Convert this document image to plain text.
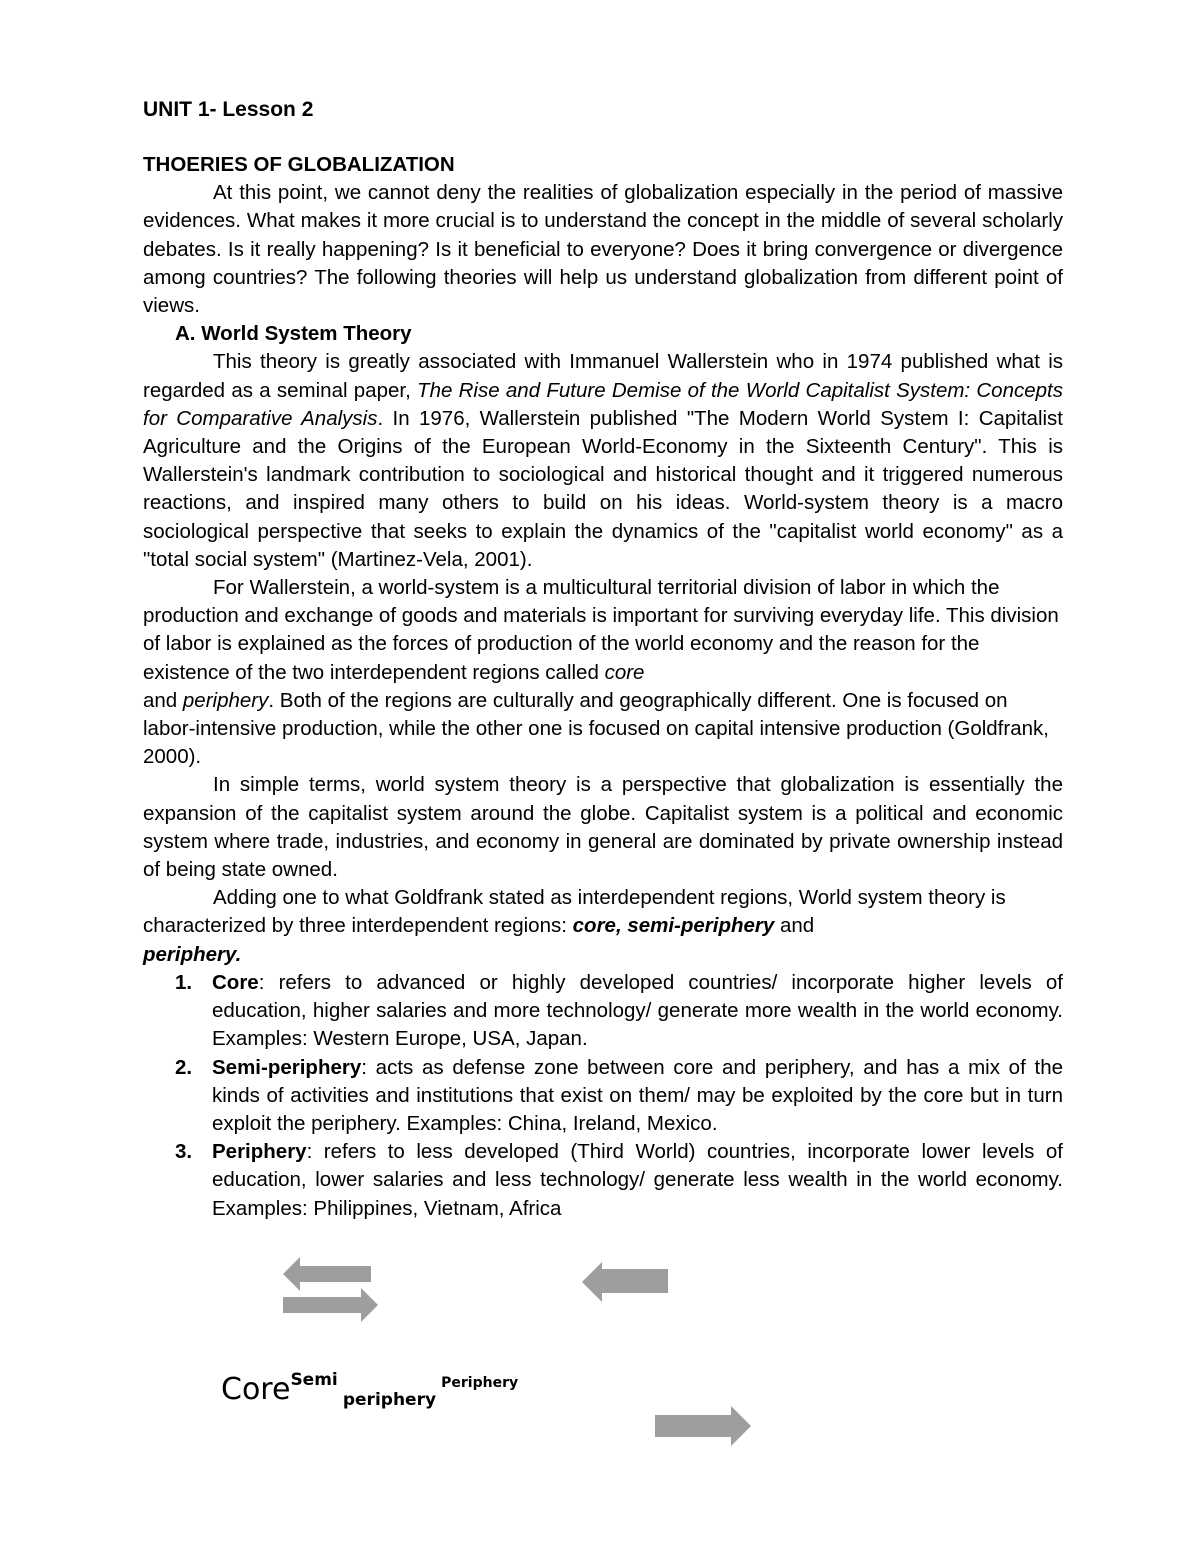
UNIT 1- Lesson 2

THOERIES OF GLOBALIZATION

At this point, we cannot deny the realities of globalization especially in the period of massive evidences. What makes it more crucial is to understand the concept in the middle of several scholarly debates. Is it really happening? Is it beneficial to everyone? Does it bring convergence or divergence among countries? The following theories will help us understand globalization from different point of views.

A. World System Theory

This theory is greatly associated with Immanuel Wallerstein who in 1974 published what is regarded as a seminal paper, The Rise and Future Demise of the World Capitalist System: Concepts for Comparative Analysis. In 1976, Wallerstein published "The Modern World System I: Capitalist Agriculture and the Origins of the European World-Economy in the Sixteenth Century". This is Wallerstein's landmark contribution to sociological and historical thought and it triggered numerous reactions, and inspired many others to build on his ideas. World-system theory is a macro sociological perspective that seeks to explain the dynamics of the "capitalist world economy" as a "total social system" (Martinez-Vela, 2001).

For Wallerstein, a world-system is a multicultural territorial division of labor in which the production and exchange of goods and materials is important for surviving everyday life. This division of labor is explained as the forces of production of the world economy and the reason for the existence of the two interdependent regions called core
and periphery. Both of the regions are culturally and geographically different. One is focused on labor-intensive production, while the other one is focused on capital intensive production (Goldfrank, 2000).

In simple terms, world system theory is a perspective that globalization is essentially the expansion of the capitalist system around the globe. Capitalist system is a political and economic system where trade, industries, and economy in general are dominated by private ownership instead of being state owned.

Adding one to what Goldfrank stated as interdependent regions, World system theory is characterized by three interdependent regions: core, semi-periphery and
periphery.

1. Core: refers to advanced or highly developed countries/ incorporate higher levels of education, higher salaries and more technology/ generate more wealth in the world economy. Examples: Western Europe, USA, Japan.
2. Semi-periphery: acts as defense zone between core and periphery, and has a mix of the kinds of activities and institutions that exist on them/ may be exploited by the core but in turn exploit the periphery. Examples: China, Ireland, Mexico.
3. Periphery: refers to less developed (Third World) countries, incorporate lower levels of education, lower salaries and less technology/ generate less wealth in the world economy. Examples: Philippines, Vietnam, Africa
CoreSemi periphery Periphery
